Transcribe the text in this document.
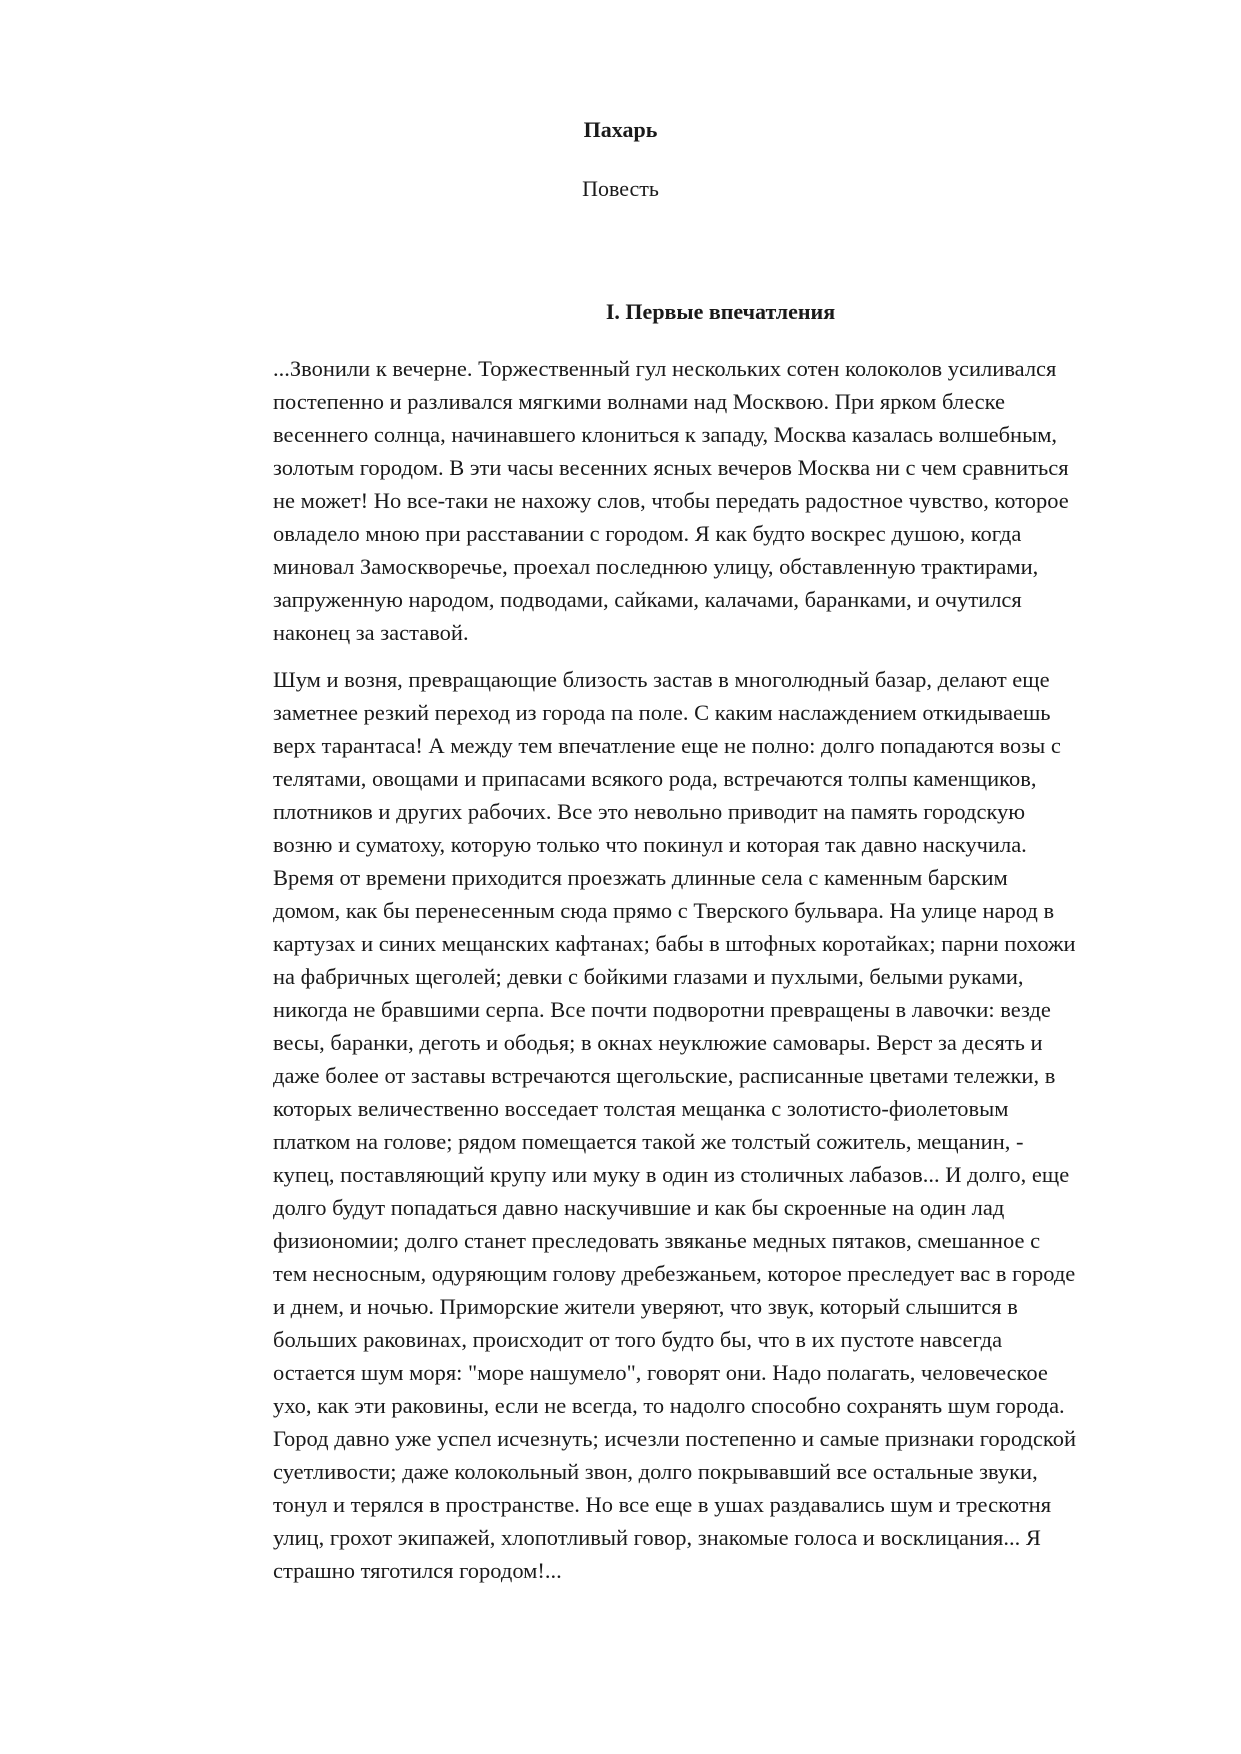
Пахарь
Повесть
I. Первые впечатления

...Звонили к вечерне. Торжественный гул нескольких сотен колоколов усиливался
постепенно и разливался мягкими волнами над Москвою. При ярком блеске
весеннего солнца, начинавшего клониться к западу, Москва казалась волшебным,
золотым городом. В эти часы весенних ясных вечеров Москва ни с чем сравниться
не может! Но все-таки не нахожу слов, чтобы передать радостное чувство, которое
овладело мною при расставании с городом. Я как будто воскрес душою, когда
миновал Замоскворечье, проехал последнюю улицу, обставленную трактирами,
запруженную народом, подводами, сайками, калачами, баранками, и очутился
наконец за заставой.

Шум и возня, превращающие близость застав в многолюдный базар, делают еще
заметнее резкий переход из города па поле. С каким наслаждением откидываешь
верх тарантаса! А между тем впечатление еще не полно: долго попадаются возы с
телятами, овощами и припасами всякого рода, встречаются толпы каменщиков,
плотников и других рабочих. Все это невольно приводит на память городскую
возню и суматоху, которую только что покинул и которая так давно наскучила.
Время от времени приходится проезжать длинные села с каменным барским
домом, как бы перенесенным сюда прямо с Тверского бульвара. На улице народ в
картузах и синих мещанских кафтанах; бабы в штофных коротайках; парни похожи
на фабричных щеголей; девки с бойкими глазами и пухлыми, белыми руками,
никогда не бравшими серпа. Все почти подворотни превращены в лавочки: везде
весы, баранки, деготь и ободья; в окнах неуклюжие самовары. Верст за десять и
даже более от заставы встречаются щегольские, расписанные цветами тележки, в
которых величественно восседает толстая мещанка с золотисто-фиолетовым
платком на голове; рядом помещается такой же толстый сожитель, мещанин, -
купец, поставляющий крупу или муку в один из столичных лабазов... И долго, еще
долго будут попадаться давно наскучившие и как бы скроенные на один лад
физиономии; долго станет преследовать звяканье медных пятаков, смешанное с
тем несносным, одуряющим голову дребезжаньем, которое преследует вас в городе
и днем, и ночью. Приморские жители уверяют, что звук, который слышится в
больших раковинах, происходит от того будто бы, что в их пустоте навсегда
остается шум моря: "море нашумело", говорят они. Надо полагать, человеческое
ухо, как эти раковины, если не всегда, то надолго способно сохранять шум города.
Город давно уже успел исчезнуть; исчезли постепенно и самые признаки городской
суетливости; даже колокольный звон, долго покрывавший все остальные звуки,
тонул и терялся в пространстве. Но все еще в ушах раздавались шум и трескотня
улиц, грохот экипажей, хлопотливый говор, знакомые голоса и восклицания... Я
страшно тяготился городом!...
